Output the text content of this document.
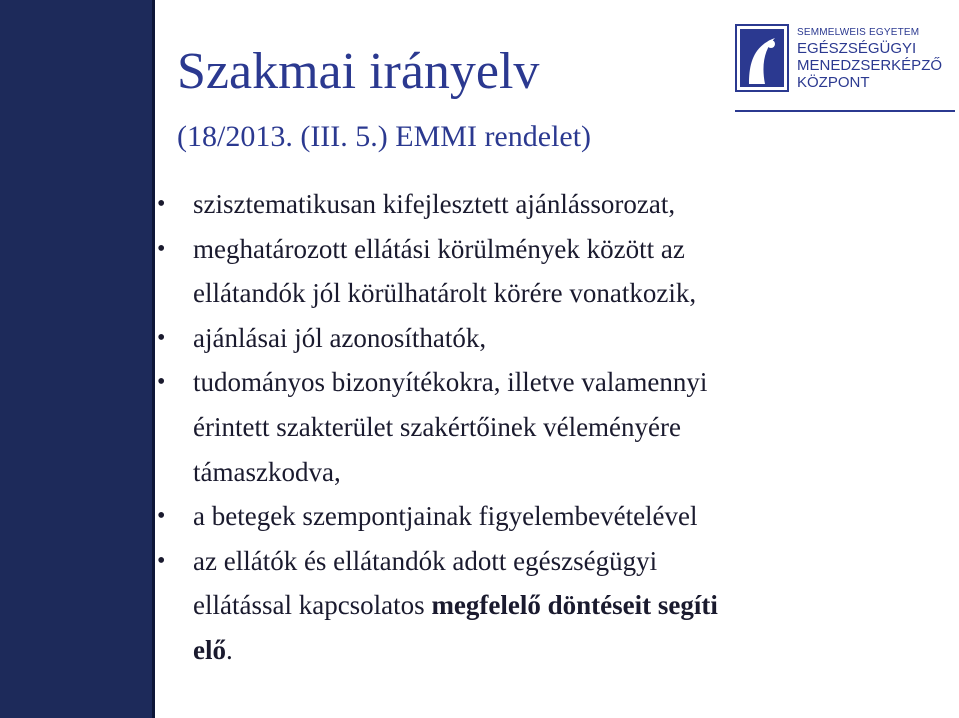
Szakmai irányelv
(18/2013. (III. 5.) EMMI rendelet)
SEMMELWEIS EGYETEM
EGÉSZSÉGÜGYI
MENEDZSERKÉPZŐ
KÖZPONT
• szisztematikusan kifejlesztett ajánlássorozat,
• meghatározott ellátási körülmények között az
ellátandók jól körülhatárolt körére vonatkozik,
• ajánlásai jól azonosíthatók,
• tudományos bizonyítékokra, illetve valamennyi
érintett szakterület szakértőinek véleményére
támaszkodva,
• a betegek szempontjainak figyelembevételével
• az ellátók és ellátandók adott egészségügyi
ellátással kapcsolatos megfelelő döntéseit segíti
elő.
